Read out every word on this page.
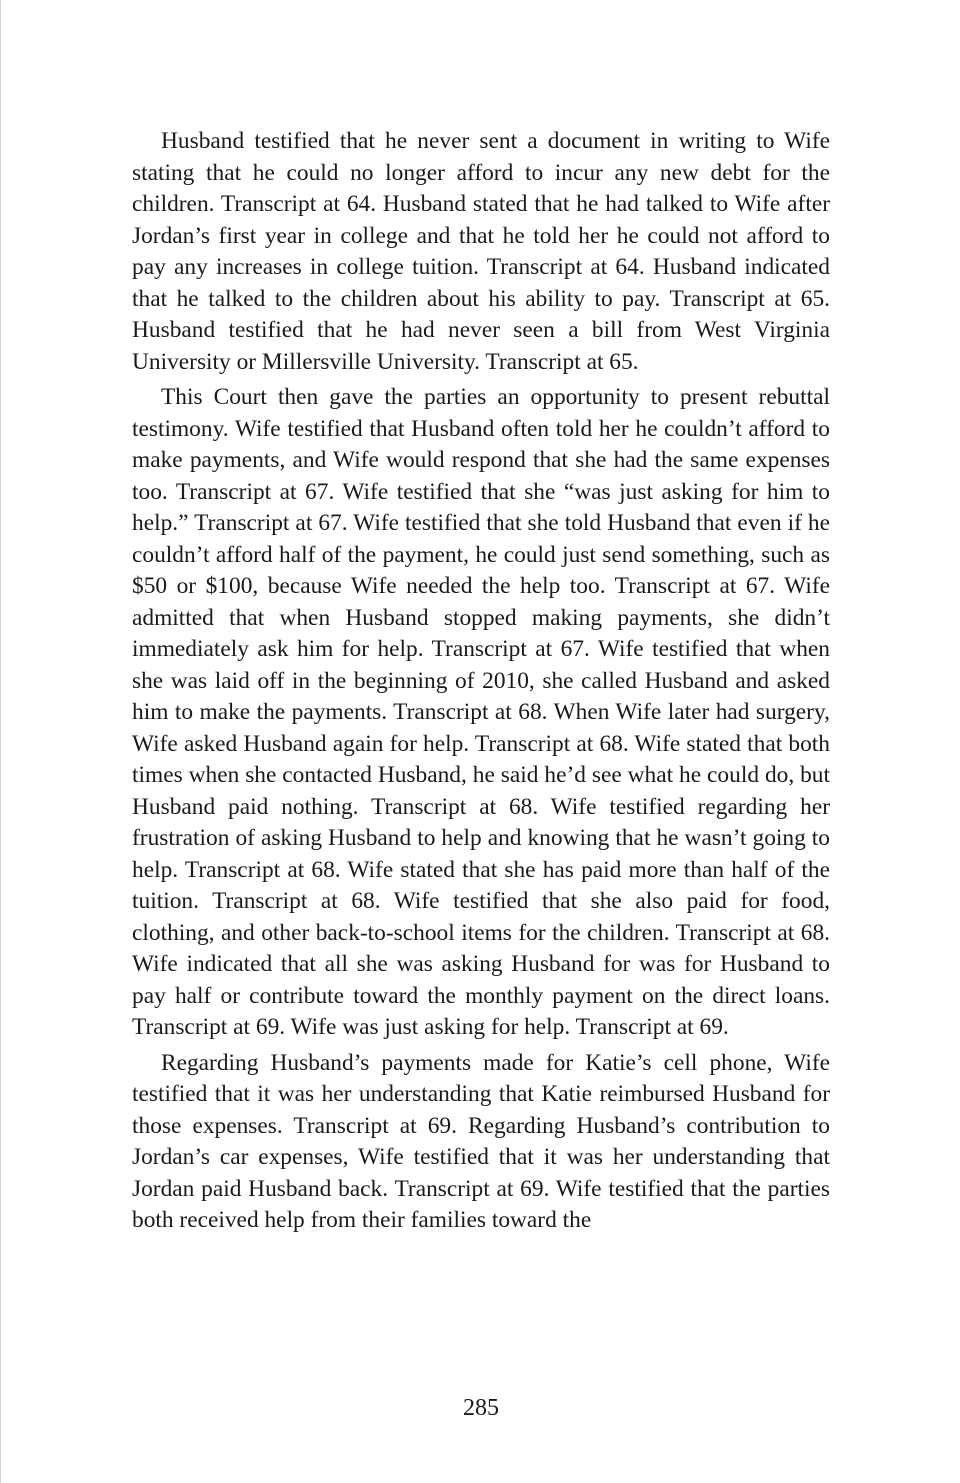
Husband testified that he never sent a document in writing to Wife stating that he could no longer afford to incur any new debt for the children. Transcript at 64. Husband stated that he had talked to Wife after Jordan’s first year in college and that he told her he could not afford to pay any increases in college tuition. Transcript at 64. Husband indicated that he talked to the children about his ability to pay. Transcript at 65. Husband testified that he had never seen a bill from West Virginia University or Millersville University. Transcript at 65.

This Court then gave the parties an opportunity to present rebuttal testimony. Wife testified that Husband often told her he couldn’t afford to make payments, and Wife would respond that she had the same expenses too. Transcript at 67. Wife testified that she “was just asking for him to help.” Transcript at 67. Wife testified that she told Husband that even if he couldn’t afford half of the payment, he could just send something, such as $50 or $100, because Wife needed the help too. Transcript at 67. Wife admitted that when Husband stopped making payments, she didn’t immediately ask him for help. Transcript at 67. Wife testified that when she was laid off in the beginning of 2010, she called Husband and asked him to make the payments. Transcript at 68. When Wife later had surgery, Wife asked Husband again for help. Transcript at 68. Wife stated that both times when she contacted Husband, he said he’d see what he could do, but Husband paid nothing. Transcript at 68. Wife testified regarding her frustration of asking Husband to help and knowing that he wasn’t going to help. Transcript at 68. Wife stated that she has paid more than half of the tuition. Transcript at 68. Wife testified that she also paid for food, clothing, and other back-to-school items for the children. Transcript at 68. Wife indicated that all she was asking Husband for was for Husband to pay half or contribute toward the monthly payment on the direct loans. Transcript at 69. Wife was just asking for help. Transcript at 69.

Regarding Husband’s payments made for Katie’s cell phone, Wife testified that it was her understanding that Katie reimbursed Husband for those expenses. Transcript at 69. Regarding Husband’s contribution to Jordan’s car expenses, Wife testified that it was her understanding that Jordan paid Husband back. Transcript at 69. Wife testified that the parties both received help from their families toward the

285
